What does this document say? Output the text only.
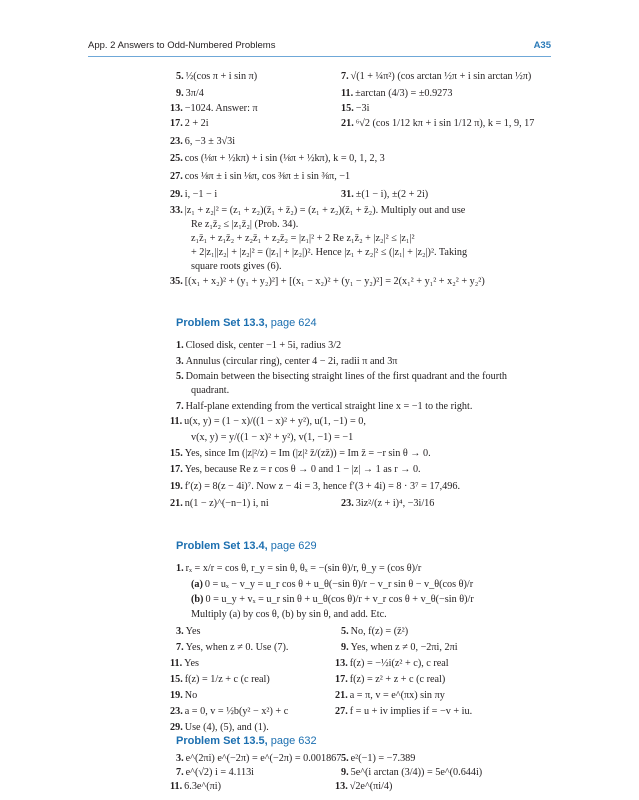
App. 2 Answers to Odd-Numbered Problems	A35
5. ½(cos π + i sin π)	7. √(1 + ¼π²) (cos arctan ½π + i sin arctan ½π)
9. 3π/4	11. ±arctan (4/3) = ±0.9273
13. −1024. Answer: π	15. −3i
17. 2 + 2i	21. ⁶√2 (cos 1/12 kπ + i sin 1/12 π), k = 1, 9, 17
23. 6, −3 ± 3√3i
25. cos (⅛π + ½kπ) + i sin (⅛π + ½kπ), k = 0, 1, 2, 3
27. cos ⅛π ± i sin ⅛π, cos ⅜π ± i sin ⅜π, −1
29. i, −1 − i	31. ±(1 − i), ±(2 + 2i)
33. |z₁ + z₂|² = (z₁ + z₂)(z̄₁ + z̄₂) = (z₁ + z₂)(z̄₁ + z̄₂). Multiply out and use
Re z₁z̄₂ ≤ |z₁z̄₂| (Prob. 34).
z₁z̄₁ + z₁z̄₂ + z₂z̄₁ + z₂z̄₂ = |z₁|² + 2 Re z₁z̄₂ + |z₂|² ≤ |z₁|²
+ 2|z₁||z₂| + |z₂|² = (|z₁| + |z₂|)². Hence |z₁ + z₂|² ≤ (|z₁| + |z₂|)². Taking
square roots gives (6).
35. [(x₁ + x₂)² + (y₁ + y₂)²] + [(x₁ − x₂)² + (y₁ − y₂)²] = 2(x₁² + y₁² + x₂² + y₂²)
Problem Set 13.3, page 624
1. Closed disk, center −1 + 5i, radius 3/2
3. Annulus (circular ring), center 4 − 2i, radii π and 3π
5. Domain between the bisecting straight lines of the first quadrant and the fourth
quadrant.
7. Half-plane extending from the vertical straight line x = −1 to the right.
11. u(x, y) = (1 − x)/((1 − x)² + y²), u(1, −1) = 0,
v(x, y) = y/((1 − x)² + y²), v(1, −1) = −1
15. Yes, since Im (|z|²/z) = Im (|z|² z̄/(zz̄)) = Im z̄ = −r sin θ → 0.
17. Yes, because Re z = r cos θ → 0 and 1 − |z| → 1 as r → 0.
19. f′(z) = 8(z − 4i)⁷. Now z − 4i = 3, hence f′(3 + 4i) = 8 · 3⁷ = 17,496.
21. n(1 − z)^(−n−1) i, ni	23. 3iz²/(z + i)⁴, −3i/16
Problem Set 13.4, page 629
1. rₓ = x/r = cos θ, r_y = sin θ, θₓ = −(sin θ)/r, θ_y = (cos θ)/r
(a) 0 = uₓ − v_y = u_r cos θ + u_θ(−sin θ)/r − v_r sin θ − v_θ(cos θ)/r
(b) 0 = u_y + vₓ = u_r sin θ + u_θ(cos θ)/r + v_r cos θ + v_θ(−sin θ)/r
Multiply (a) by cos θ, (b) by sin θ, and add. Etc.
3. Yes	5. No, f(z) = (z̄²)
7. Yes, when z ≠ 0. Use (7).	9. Yes, when z ≠ 0, −2πi, 2πi
11. Yes	13. f(z) = −½i(z² + c), c real
15. f(z) = 1/z + c (c real)	17. f(z) = z² + z + c (c real)
19. No	21. a = π, v = e^(πx) sin πy
23. a = 0, v = ½b(y² − x²) + c	27. f = u + iv implies if = −v + iu.
29. Use (4), (5), and (1).
Problem Set 13.5, page 632
3. e^(2πi) e^(−2π) = e^(−2π) = 0.001867 5. e²(−1) = −7.389
7. e^(√2) i = 4.113i	9. 5e^(i arctan (3/4)) = 5e^(0.644i)
11. 6.3e^(πi)	13. √2e^(πi/4)
